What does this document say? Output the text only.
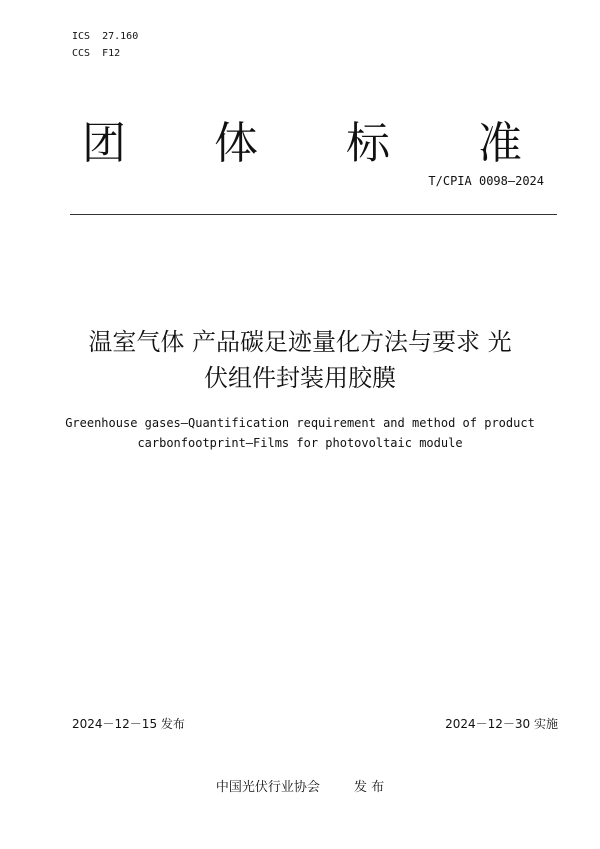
ICS  27.160
CCS  F12
团 体 标 准
T/CPIA 0098—2024
温室气体 产品碳足迹量化方法与要求 光
伏组件封装用胶膜
Greenhouse gases—Quantification requirement and method of product
carbonfootprint—Films for photovoltaic module
2024－12－15 发布	2024－12－30 实施
中国光伏行业协会	发 布
